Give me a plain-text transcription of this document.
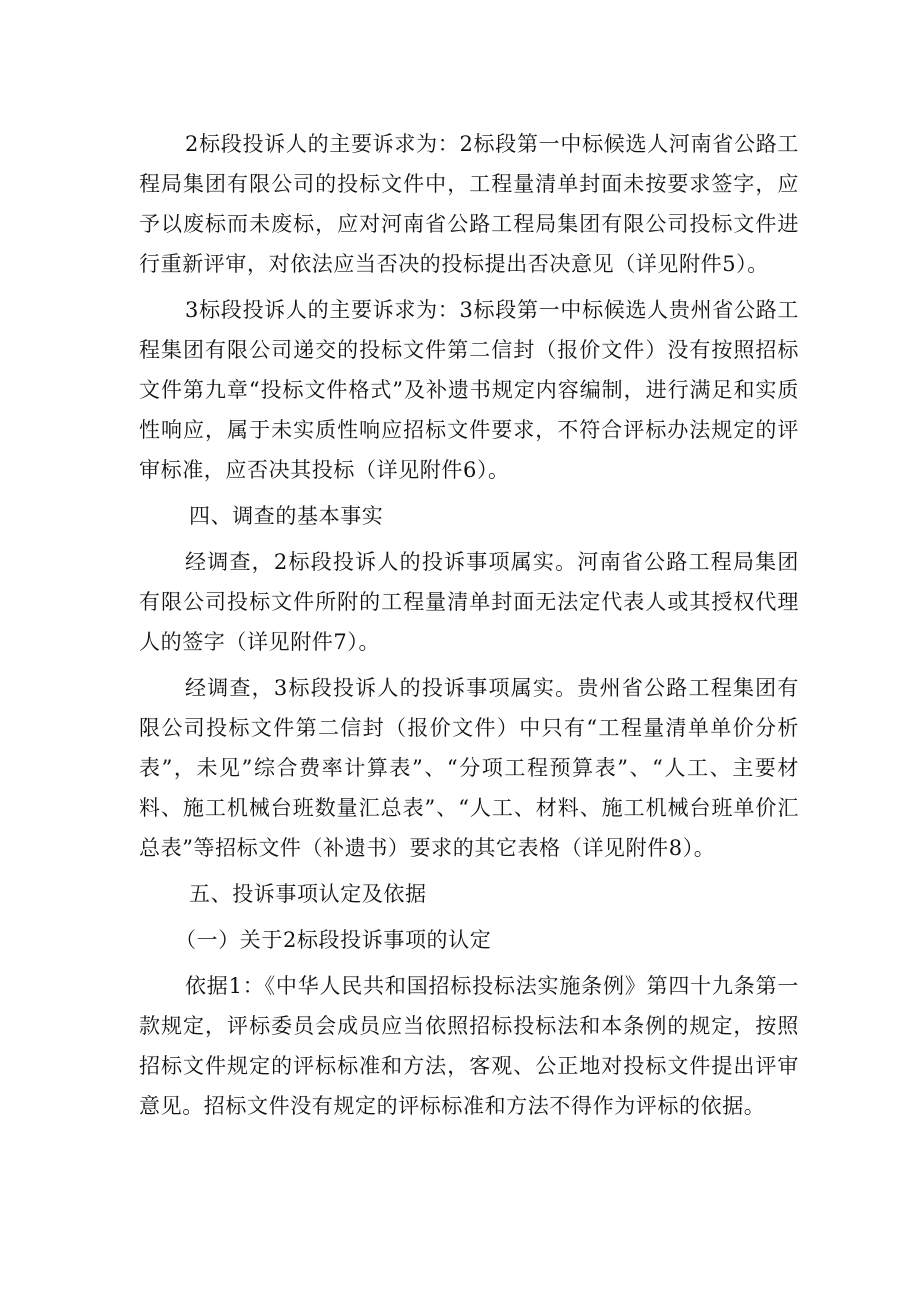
2标段投诉人的主要诉求为：2标段第一中标候选人河南省公路工程局集团有限公司的投标文件中，工程量清单封面未按要求签字，应予以废标而未废标，应对河南省公路工程局集团有限公司投标文件进行重新评审，对依法应当否决的投标提出否决意见（详见附件5）。

3标段投诉人的主要诉求为：3标段第一中标候选人贵州省公路工程集团有限公司递交的投标文件第二信封（报价文件）没有按照招标文件第九章“投标文件格式”及补遗书规定内容编制，进行满足和实质性响应，属于未实质性响应招标文件要求，不符合评标办法规定的评审标准，应否决其投标（详见附件6）。

四、调查的基本事实

经调查，2标段投诉人的投诉事项属实。河南省公路工程局集团有限公司投标文件所附的工程量清单封面无法定代表人或其授权代理人的签字（详见附件7）。

经调查，3标段投诉人的投诉事项属实。贵州省公路工程集团有限公司投标文件第二信封（报价文件）中只有“工程量清单单价分析表”，未见”综合费率计算表”、“分项工程预算表”、“人工、主要材料、施工机械台班数量汇总表”、“人工、材料、施工机械台班单价汇总表”等招标文件（补遗书）要求的其它表格（详见附件8）。

五、投诉事项认定及依据

（一）关于2标段投诉事项的认定

依据1：《中华人民共和国招标投标法实施条例》第四十九条第一款规定，评标委员会成员应当依照招标投标法和本条例的规定，按照招标文件规定的评标标准和方法，客观、公正地对投标文件提出评审意见。招标文件没有规定的评标标准和方法不得作为评标的依据。
